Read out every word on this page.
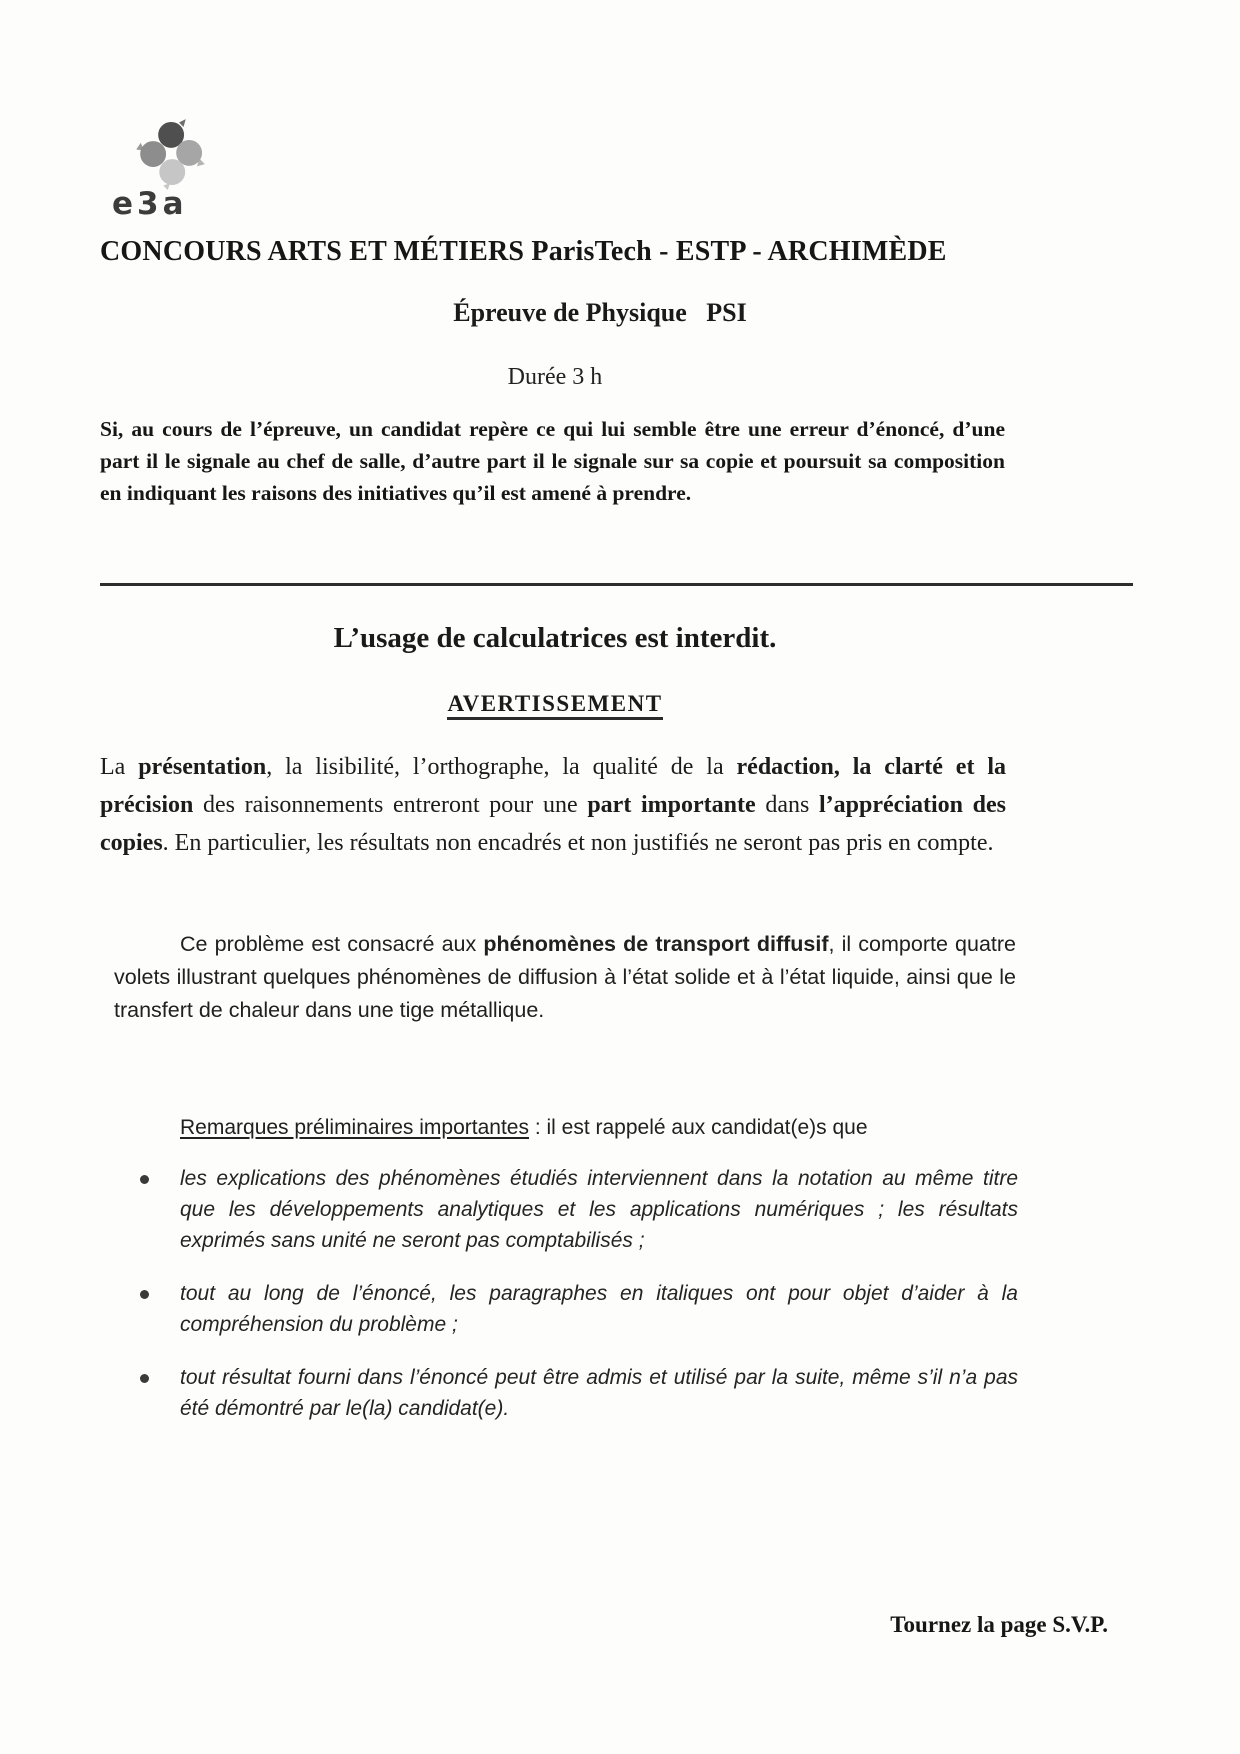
e3a
CONCOURS ARTS ET MÉTIERS ParisTech - ESTP - ARCHIMÈDE
Épreuve de Physique   PSI
Durée 3 h

Si, au cours de l’épreuve, un candidat repère ce qui lui semble être une erreur d’énoncé, d’une part il le signale au chef de salle, d’autre part il le signale sur sa copie et poursuit sa composition en indiquant les raisons des initiatives qu’il est amené à prendre.

L’usage de calculatrices est interdit.
AVERTISSEMENT

La présentation, la lisibilité, l’orthographe, la qualité de la rédaction, la clarté et la précision des raisonnements entreront pour une part importante dans l’appréciation des copies. En particulier, les résultats non encadrés et non justifiés ne seront pas pris en compte.

Ce problème est consacré aux phénomènes de transport diffusif, il comporte quatre volets illustrant quelques phénomènes de diffusion à l’état solide et à l’état liquide, ainsi que le transfert de chaleur dans une tige métallique.

Remarques préliminaires importantes : il est rappelé aux candidat(e)s que
les explications des phénomènes étudiés interviennent dans la notation au même titre que les développements analytiques et les applications numériques ; les résultats exprimés sans unité ne seront pas comptabilisés ;
tout au long de l’énoncé, les paragraphes en italiques ont pour objet d’aider à la compréhension du problème ;
tout résultat fourni dans l’énoncé peut être admis et utilisé par la suite, même s’il n’a pas été démontré par le(la) candidat(e).
Tournez la page S.V.P.
